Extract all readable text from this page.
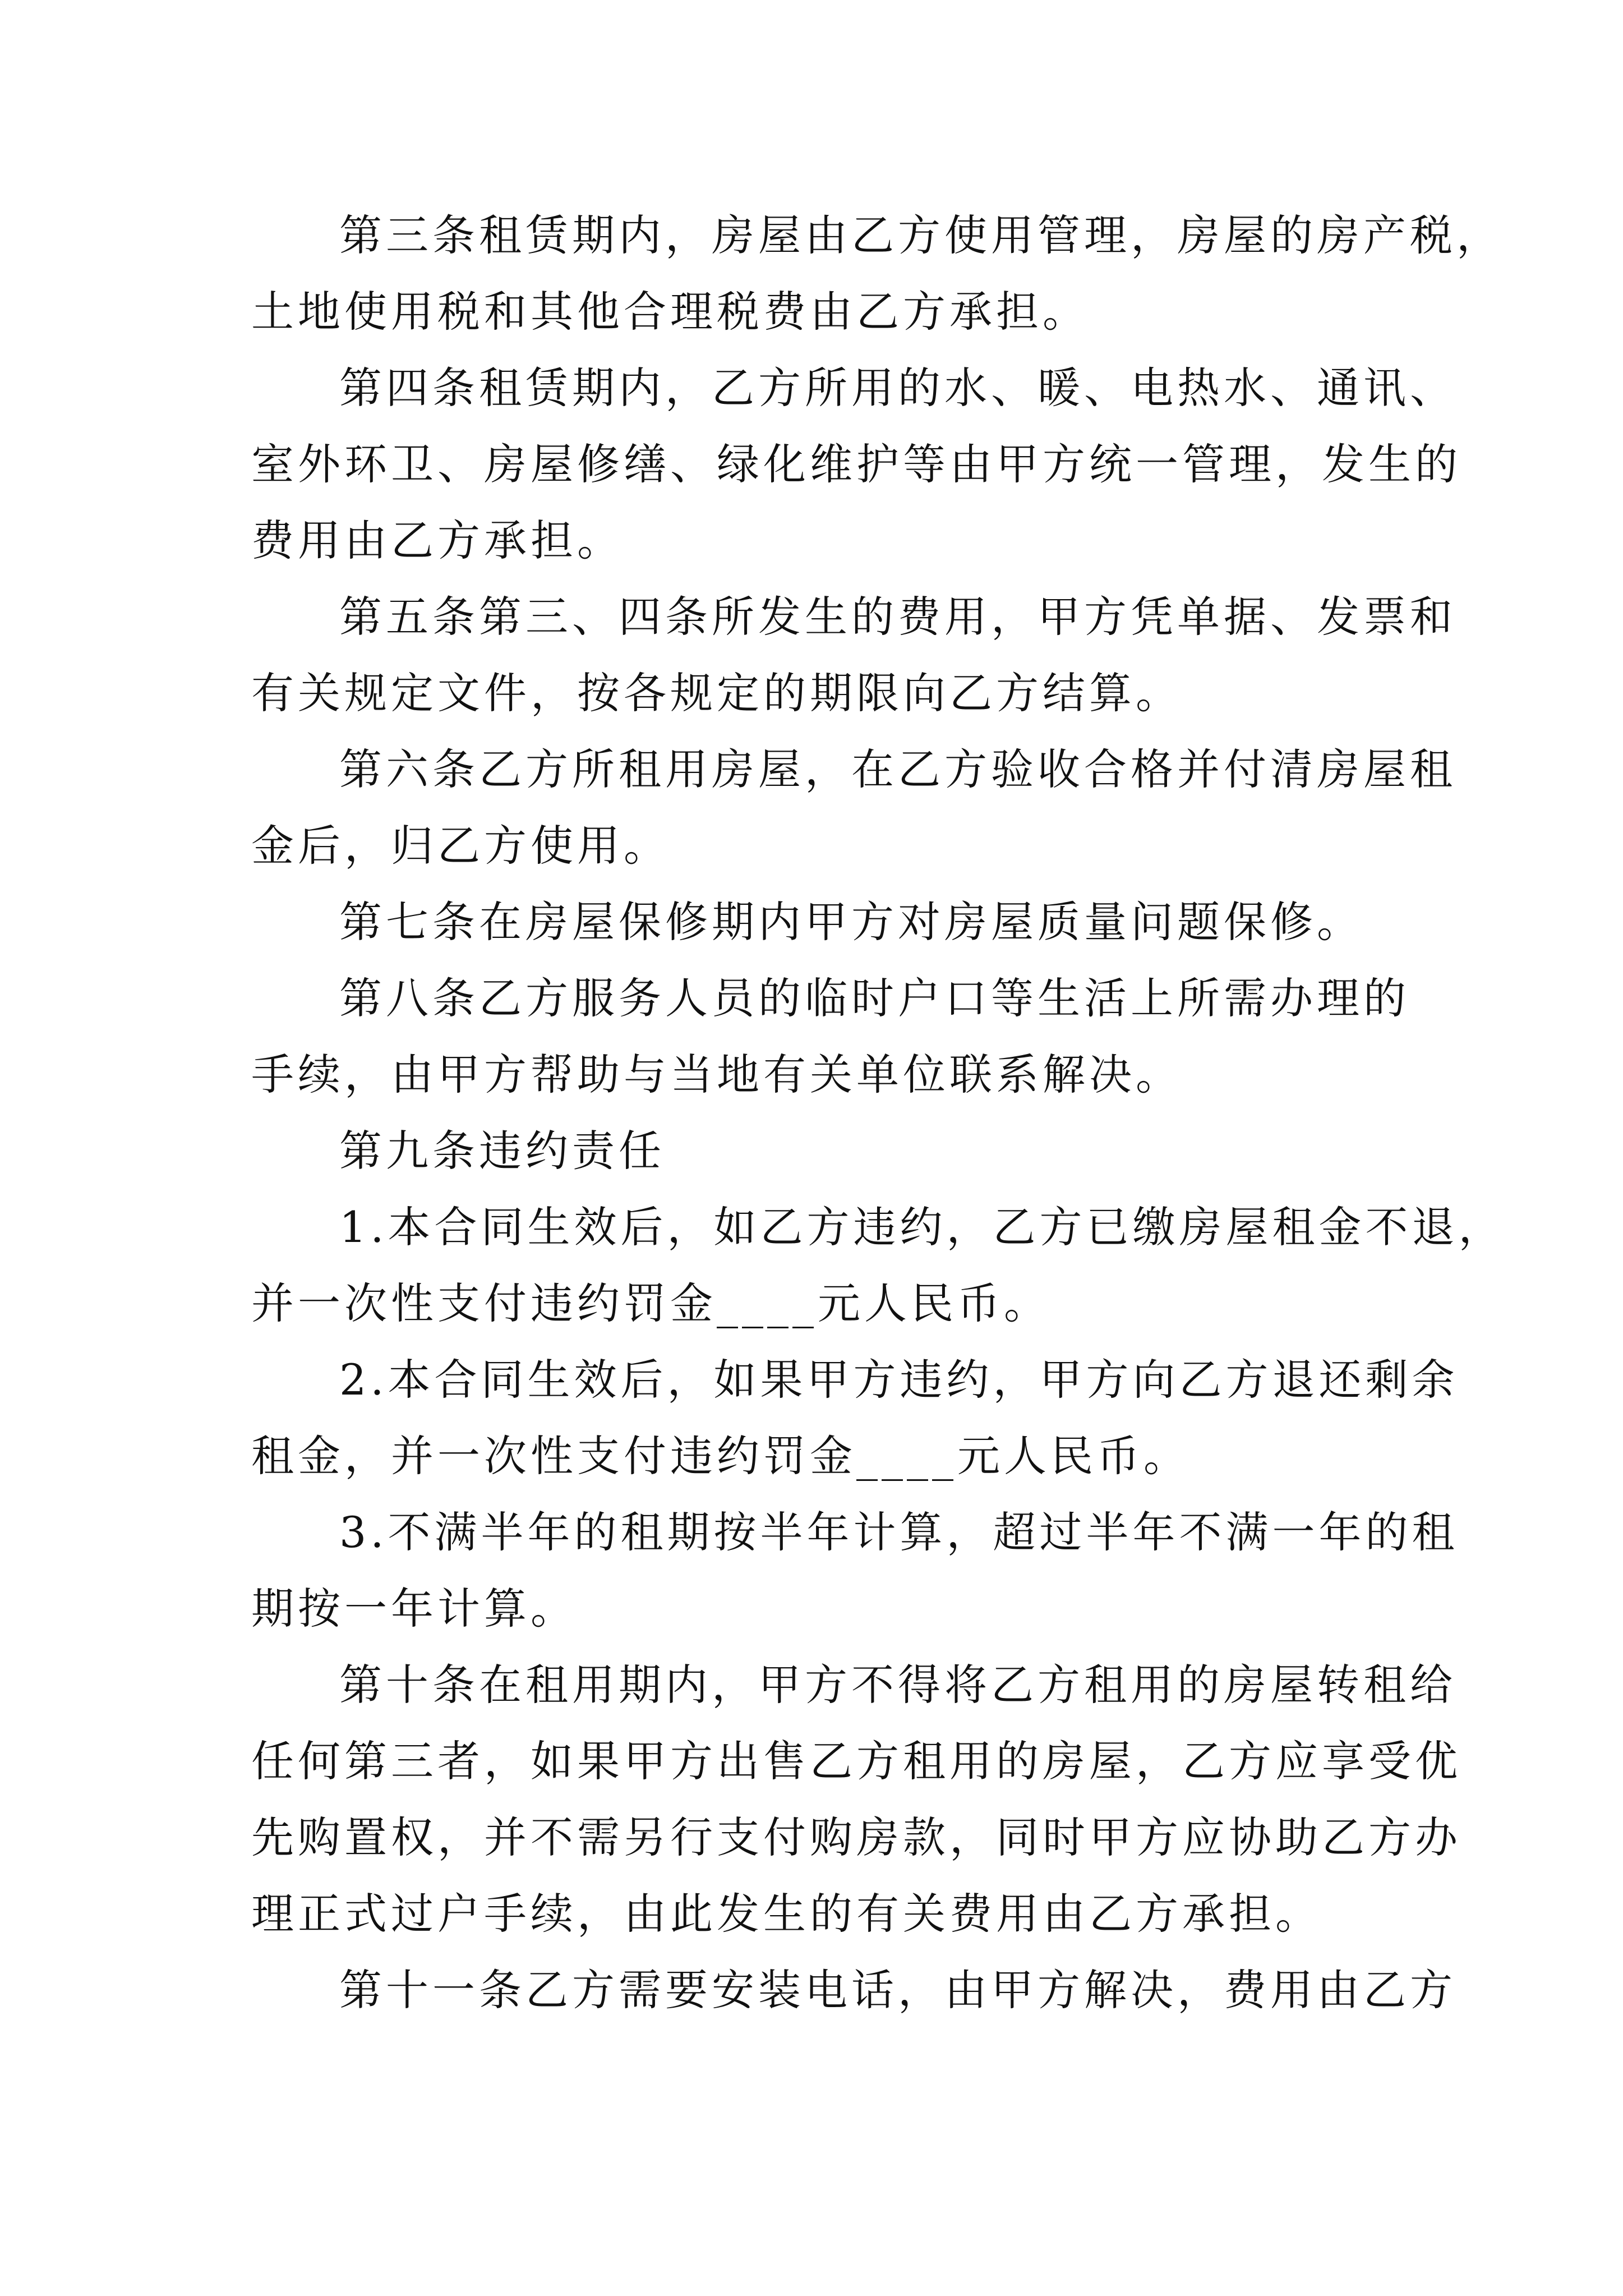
第三条租赁期内，房屋由乙方使用管理，房屋的房产税，
土地使用税和其他合理税费由乙方承担。
第四条租赁期内，乙方所用的水、暖、电热水、通讯、
室外环卫、房屋修缮、绿化维护等由甲方统一管理，发生的
费用由乙方承担。
第五条第三、四条所发生的费用，甲方凭单据、发票和
有关规定文件，按各规定的期限向乙方结算。
第六条乙方所租用房屋，在乙方验收合格并付清房屋租
金后，归乙方使用。
第七条在房屋保修期内甲方对房屋质量问题保修。
第八条乙方服务人员的临时户口等生活上所需办理的
手续，由甲方帮助与当地有关单位联系解决。
第九条违约责任
1.本合同生效后，如乙方违约，乙方已缴房屋租金不退，
并一次性支付违约罚金____元人民币。
2.本合同生效后，如果甲方违约，甲方向乙方退还剩余
租金，并一次性支付违约罚金____元人民币。
3.不满半年的租期按半年计算，超过半年不满一年的租
期按一年计算。
第十条在租用期内，甲方不得将乙方租用的房屋转租给
任何第三者，如果甲方出售乙方租用的房屋，乙方应享受优
先购置权，并不需另行支付购房款，同时甲方应协助乙方办
理正式过户手续，由此发生的有关费用由乙方承担。
第十一条乙方需要安装电话，由甲方解决，费用由乙方
